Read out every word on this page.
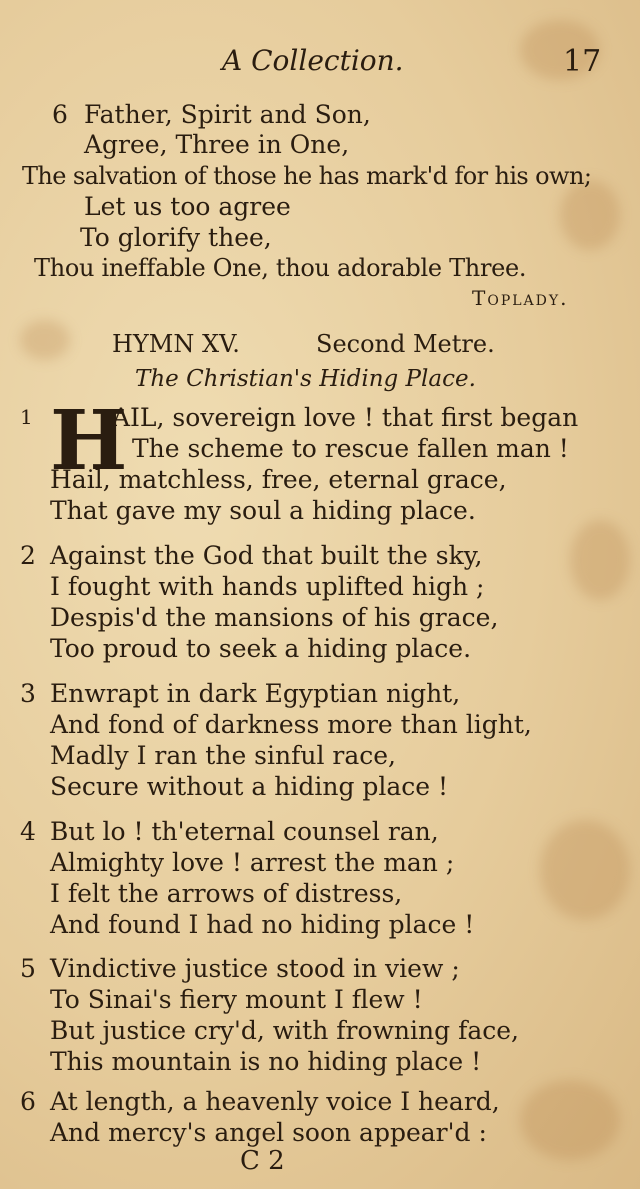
A Collection.	17
6 Father, Spirit and Son,
Agree, Three in One,
The salvation of those he has mark'd for his own;
Let us too agree
To glorify thee,
Thou ineffable One, thou adorable Three.
Toplady.
HYMN XV.	Second Metre.
The Christian's Hiding Place.
1 H
AIL, sovereign love ! that first began
The scheme to rescue fallen man !
Hail, matchless, free, eternal grace,
That gave my soul a hiding place.
2 Against the God that built the sky,
I fought with hands uplifted high ;
Despis'd the mansions of his grace,
Too proud to seek a hiding place.
3 Enwrapt in dark Egyptian night,
And fond of darkness more than light,
Madly I ran the sinful race,
Secure without a hiding place !
4 But lo ! th'eternal counsel ran,
Almighty love ! arrest the man ;
I felt the arrows of distress,
And found I had no hiding place !
5 Vindictive justice stood in view ;
To Sinai's fiery mount I flew !
But justice cry'd, with frowning face,
This mountain is no hiding place !
6 At length, a heavenly voice I heard,
And mercy's angel soon appear'd :
C 2
